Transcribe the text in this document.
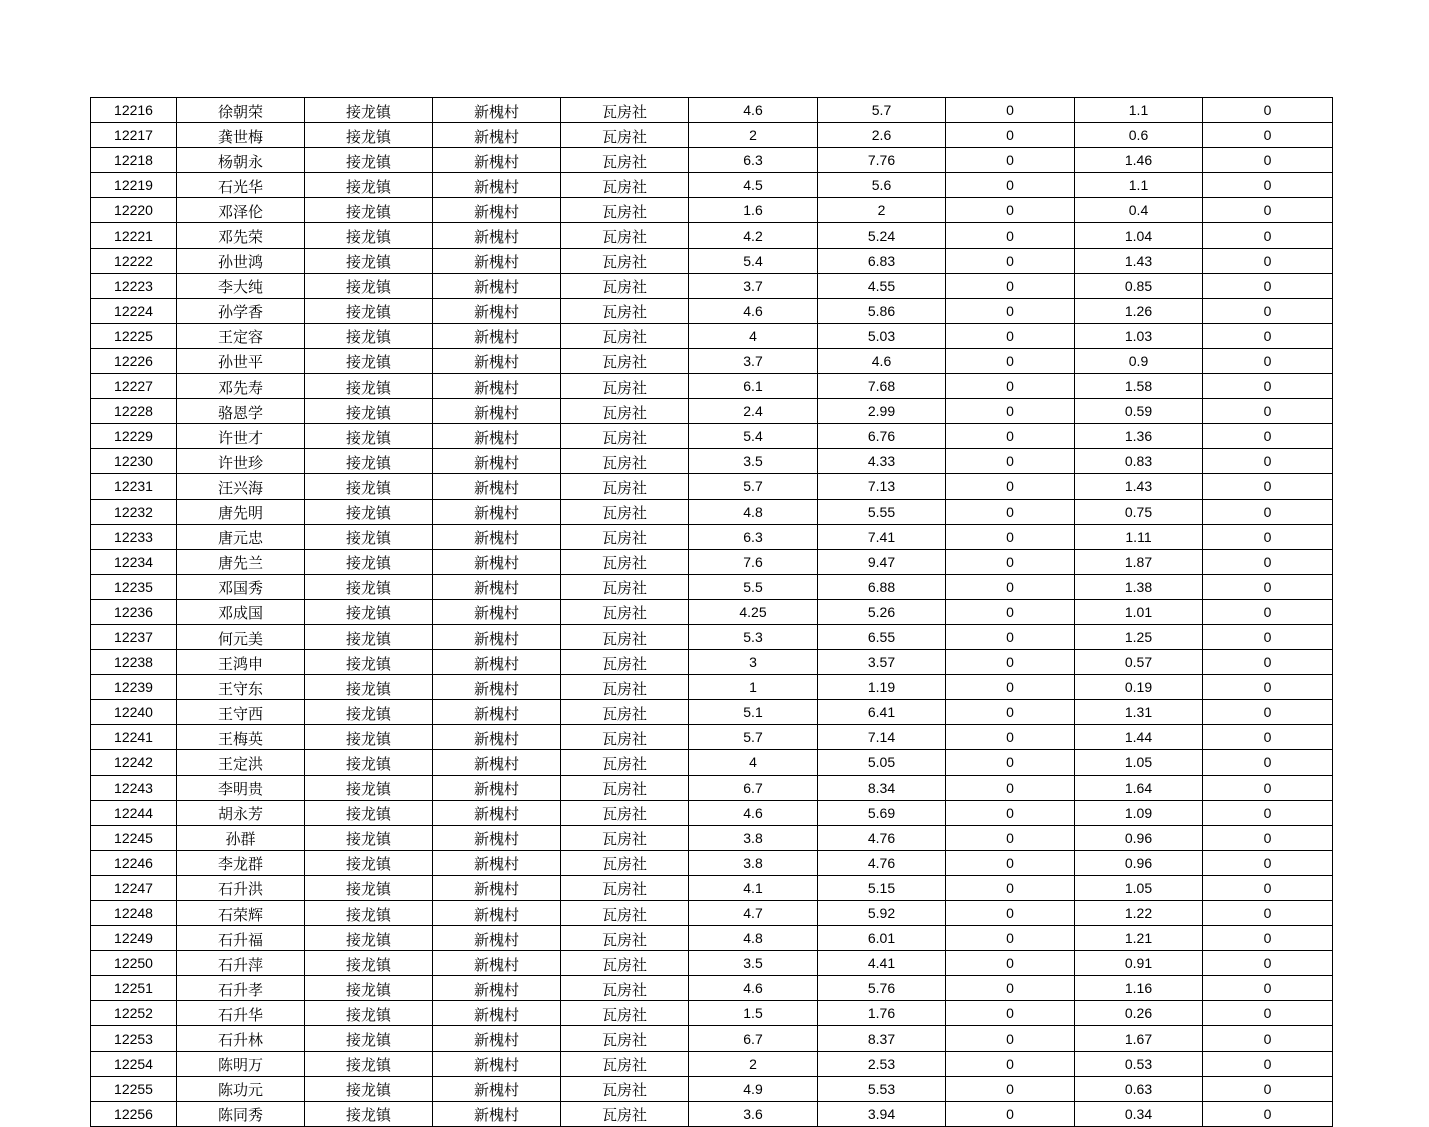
12216	徐朝荣	接龙镇	新槐村	瓦房社	4.6	5.7	0	1.1	0
12217	龚世梅	接龙镇	新槐村	瓦房社	2	2.6	0	0.6	0
12218	杨朝永	接龙镇	新槐村	瓦房社	6.3	7.76	0	1.46	0
12219	石光华	接龙镇	新槐村	瓦房社	4.5	5.6	0	1.1	0
12220	邓泽伦	接龙镇	新槐村	瓦房社	1.6	2	0	0.4	0
12221	邓先荣	接龙镇	新槐村	瓦房社	4.2	5.24	0	1.04	0
12222	孙世鸿	接龙镇	新槐村	瓦房社	5.4	6.83	0	1.43	0
12223	李大纯	接龙镇	新槐村	瓦房社	3.7	4.55	0	0.85	0
12224	孙学香	接龙镇	新槐村	瓦房社	4.6	5.86	0	1.26	0
12225	王定容	接龙镇	新槐村	瓦房社	4	5.03	0	1.03	0
12226	孙世平	接龙镇	新槐村	瓦房社	3.7	4.6	0	0.9	0
12227	邓先寿	接龙镇	新槐村	瓦房社	6.1	7.68	0	1.58	0
12228	骆恩学	接龙镇	新槐村	瓦房社	2.4	2.99	0	0.59	0
12229	许世才	接龙镇	新槐村	瓦房社	5.4	6.76	0	1.36	0
12230	许世珍	接龙镇	新槐村	瓦房社	3.5	4.33	0	0.83	0
12231	汪兴海	接龙镇	新槐村	瓦房社	5.7	7.13	0	1.43	0
12232	唐先明	接龙镇	新槐村	瓦房社	4.8	5.55	0	0.75	0
12233	唐元忠	接龙镇	新槐村	瓦房社	6.3	7.41	0	1.11	0
12234	唐先兰	接龙镇	新槐村	瓦房社	7.6	9.47	0	1.87	0
12235	邓国秀	接龙镇	新槐村	瓦房社	5.5	6.88	0	1.38	0
12236	邓成国	接龙镇	新槐村	瓦房社	4.25	5.26	0	1.01	0
12237	何元美	接龙镇	新槐村	瓦房社	5.3	6.55	0	1.25	0
12238	王鸿申	接龙镇	新槐村	瓦房社	3	3.57	0	0.57	0
12239	王守东	接龙镇	新槐村	瓦房社	1	1.19	0	0.19	0
12240	王守西	接龙镇	新槐村	瓦房社	5.1	6.41	0	1.31	0
12241	王梅英	接龙镇	新槐村	瓦房社	5.7	7.14	0	1.44	0
12242	王定洪	接龙镇	新槐村	瓦房社	4	5.05	0	1.05	0
12243	李明贵	接龙镇	新槐村	瓦房社	6.7	8.34	0	1.64	0
12244	胡永芳	接龙镇	新槐村	瓦房社	4.6	5.69	0	1.09	0
12245	孙群	接龙镇	新槐村	瓦房社	3.8	4.76	0	0.96	0
12246	李龙群	接龙镇	新槐村	瓦房社	3.8	4.76	0	0.96	0
12247	石升洪	接龙镇	新槐村	瓦房社	4.1	5.15	0	1.05	0
12248	石荣辉	接龙镇	新槐村	瓦房社	4.7	5.92	0	1.22	0
12249	石升福	接龙镇	新槐村	瓦房社	4.8	6.01	0	1.21	0
12250	石升萍	接龙镇	新槐村	瓦房社	3.5	4.41	0	0.91	0
12251	石升孝	接龙镇	新槐村	瓦房社	4.6	5.76	0	1.16	0
12252	石升华	接龙镇	新槐村	瓦房社	1.5	1.76	0	0.26	0
12253	石升林	接龙镇	新槐村	瓦房社	6.7	8.37	0	1.67	0
12254	陈明万	接龙镇	新槐村	瓦房社	2	2.53	0	0.53	0
12255	陈功元	接龙镇	新槐村	瓦房社	4.9	5.53	0	0.63	0
12256	陈同秀	接龙镇	新槐村	瓦房社	3.6	3.94	0	0.34	0
